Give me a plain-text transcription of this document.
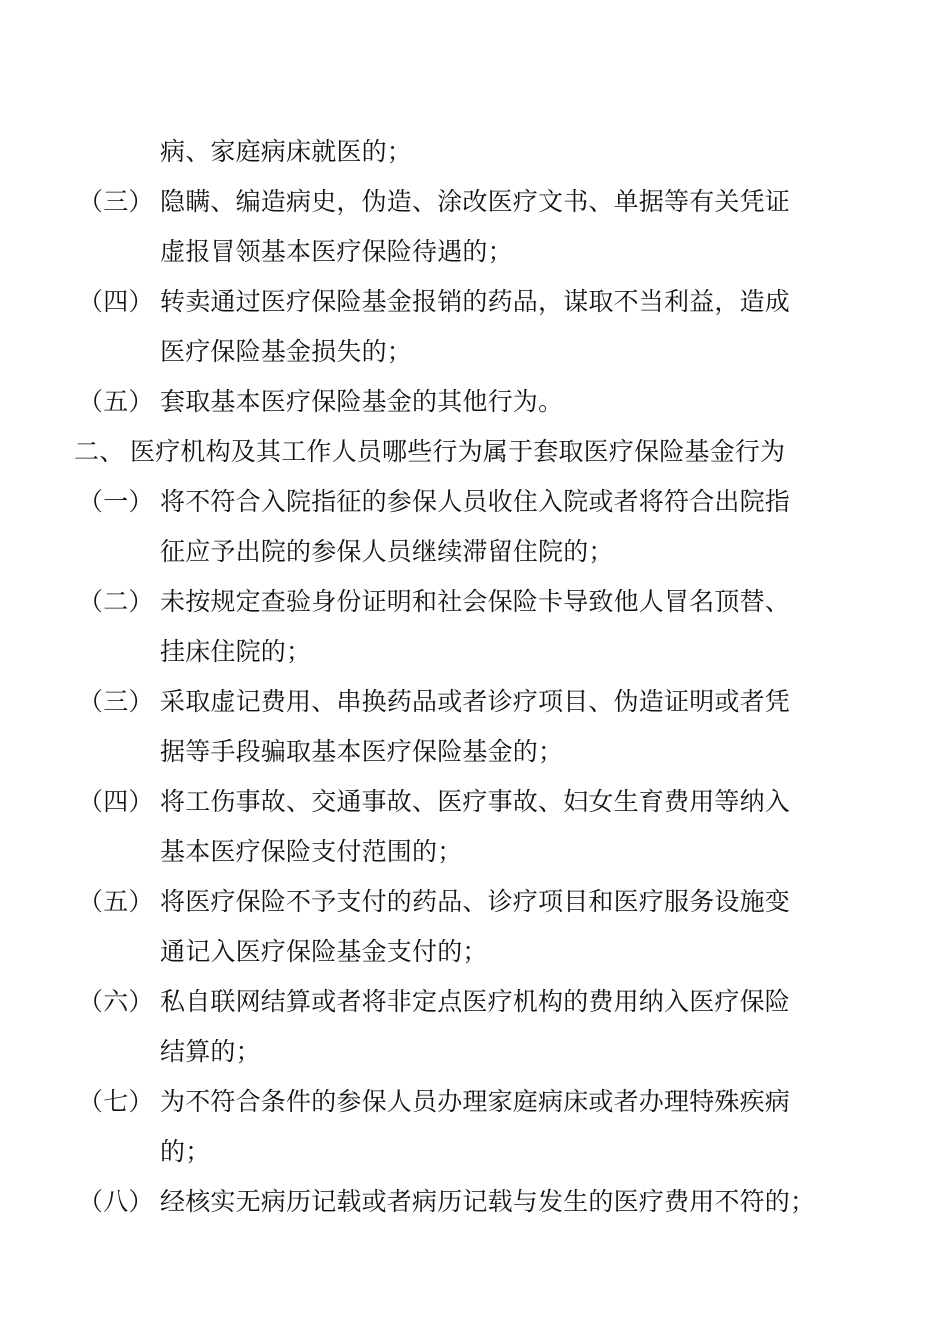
病、家庭病床就医的；
（三） 隐瞒、编造病史，伪造、涂改医疗文书、单据等有关凭证
虚报冒领基本医疗保险待遇的；
（四） 转卖通过医疗保险基金报销的药品，谋取不当利益，造成
医疗保险基金损失的；
（五） 套取基本医疗保险基金的其他行为。
二、 医疗机构及其工作人员哪些行为属于套取医疗保险基金行为
（一） 将不符合入院指征的参保人员收住入院或者将符合出院指
征应予出院的参保人员继续滞留住院的；
（二） 未按规定查验身份证明和社会保险卡导致他人冒名顶替、
挂床住院的；
（三） 采取虚记费用、串换药品或者诊疗项目、伪造证明或者凭
据等手段骗取基本医疗保险基金的；
（四） 将工伤事故、交通事故、医疗事故、妇女生育费用等纳入
基本医疗保险支付范围的；
（五） 将医疗保险不予支付的药品、诊疗项目和医疗服务设施变
通记入医疗保险基金支付的；
（六） 私自联网结算或者将非定点医疗机构的费用纳入医疗保险
结算的；
（七） 为不符合条件的参保人员办理家庭病床或者办理特殊疾病
的；
（八） 经核实无病历记载或者病历记载与发生的医疗费用不符的；
